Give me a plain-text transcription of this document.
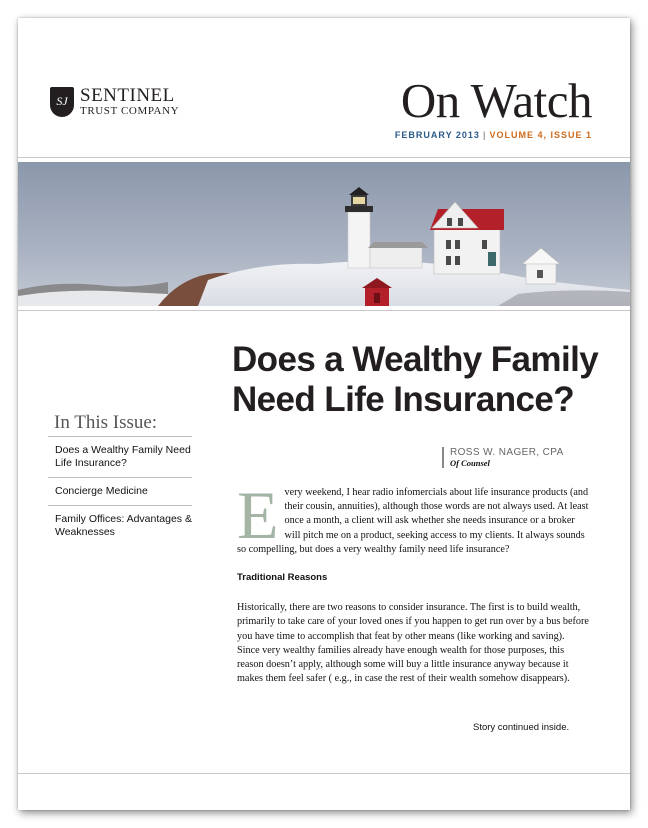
SJ SENTINEL
TRUST COMPANY	On Watch
FEBRUARY 2013 | VOLUME 4, ISSUE 1
Does a Wealthy Family Need Life Insurance?
In This Issue:
Does a Wealthy Family Need Life Insurance?
Concierge Medicine
Family Offices: Advantages & Weaknesses
ROSS W. NAGER, CPA
Of Counsel

Every weekend, I hear radio infomercials about life insurance products (and their cousin, annuities), although those words are not always used. At least once a month, a client will ask whether she needs insurance or a broker will pitch me on a product, seeking access to my clients. It always sounds so compelling, but does a very wealthy family need life insurance?

Traditional Reasons

Historically, there are two reasons to consider insurance. The first is to build wealth, primarily to take care of your loved ones if you happen to get run over by a bus before you have time to accomplish that feat by other means (like working and saving). Since very wealthy families already have enough wealth for those purposes, this reason doesn’t apply, although some will buy a little insurance anyway because it makes them feel safer ( e.g., in case the rest of their wealth somehow disappears).

Story continued inside.
